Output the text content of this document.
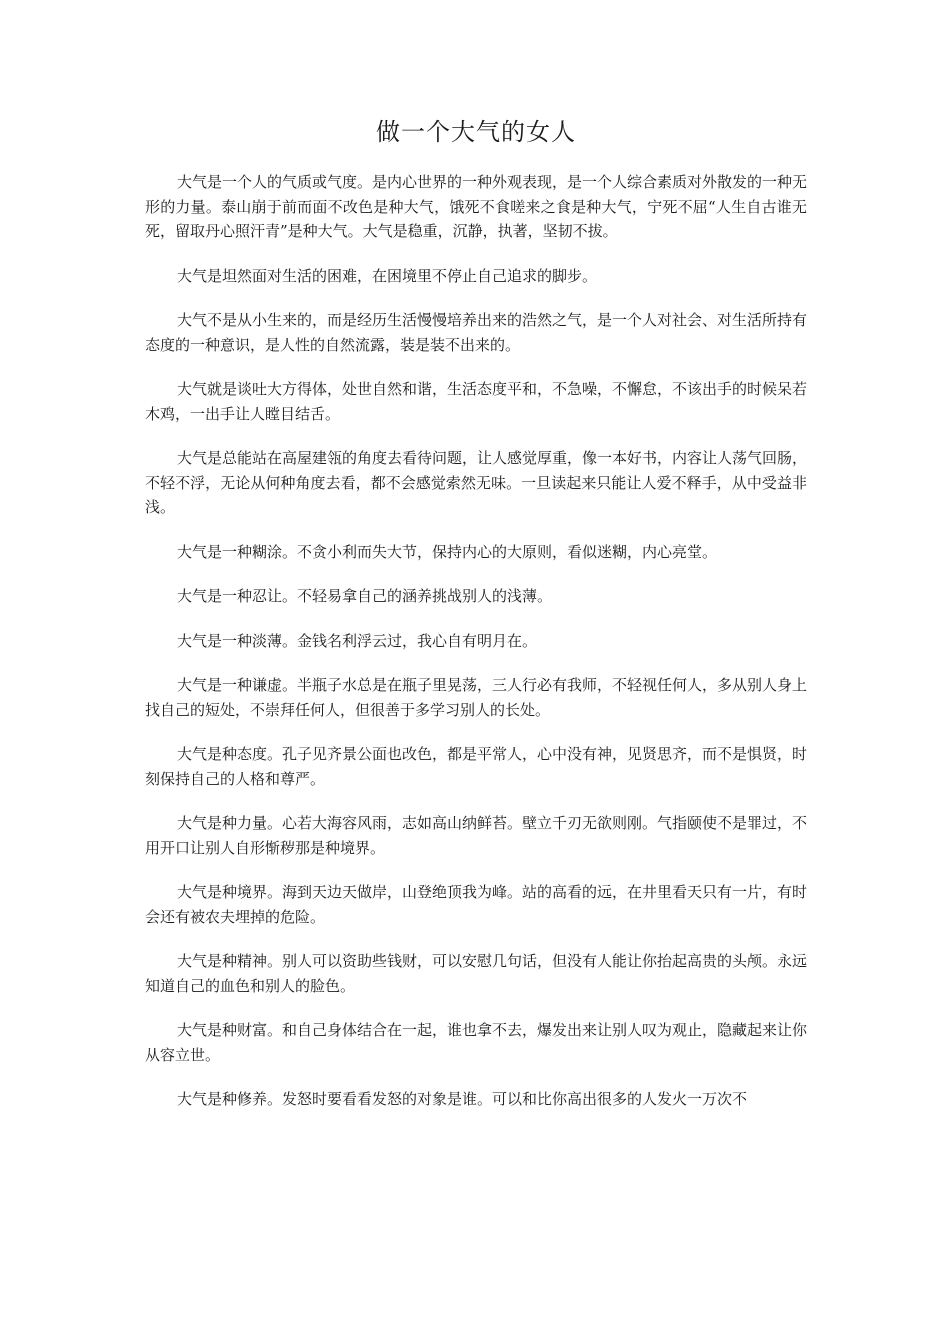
做一个大气的女人

大气是一个人的气质或气度。是内心世界的一种外观表现，是一个人综合素质对外散发的一种无形的力量。泰山崩于前而面不改色是种大气，饿死不食嗟来之食是种大气，宁死不屈“人生自古谁无死，留取丹心照汗青”是种大气。大气是稳重，沉静，执著，坚韧不拔。

大气是坦然面对生活的困难，在困境里不停止自己追求的脚步。

大气不是从小生来的，而是经历生活慢慢培养出来的浩然之气，是一个人对社会、对生活所持有态度的一种意识，是人性的自然流露，装是装不出来的。

大气就是谈吐大方得体，处世自然和谐，生活态度平和，不急噪，不懈怠，不该出手的时候呆若木鸡，一出手让人瞠目结舌。

大气是总能站在高屋建瓴的角度去看待问题，让人感觉厚重，像一本好书，内容让人荡气回肠，不轻不浮，无论从何种角度去看，都不会感觉索然无味。一旦读起来只能让人爱不释手，从中受益非浅。

大气是一种糊涂。不贪小利而失大节，保持内心的大原则，看似迷糊，内心亮堂。

大气是一种忍让。不轻易拿自己的涵养挑战别人的浅薄。

大气是一种淡薄。金钱名利浮云过，我心自有明月在。

大气是一种谦虚。半瓶子水总是在瓶子里晃荡，三人行必有我师，不轻视任何人，多从别人身上找自己的短处，不崇拜任何人，但很善于多学习别人的长处。

大气是种态度。孔子见齐景公面也改色，都是平常人，心中没有神，见贤思齐，而不是惧贤，时刻保持自己的人格和尊严。

大气是种力量。心若大海容风雨，志如高山纳鲜苔。壁立千刃无欲则刚。气指颐使不是罪过，不用开口让别人自形惭秽那是种境界。

大气是种境界。海到天边天做岸，山登绝顶我为峰。站的高看的远，在井里看天只有一片，有时会还有被农夫埋掉的危险。

大气是种精神。别人可以资助些钱财，可以安慰几句话，但没有人能让你抬起高贵的头颅。永远知道自己的血色和别人的脸色。

大气是种财富。和自己身体结合在一起，谁也拿不去，爆发出来让别人叹为观止，隐藏起来让你从容立世。

大气是种修养。发怒时要看看发怒的对象是谁。可以和比你高出很多的人发火一万次不
